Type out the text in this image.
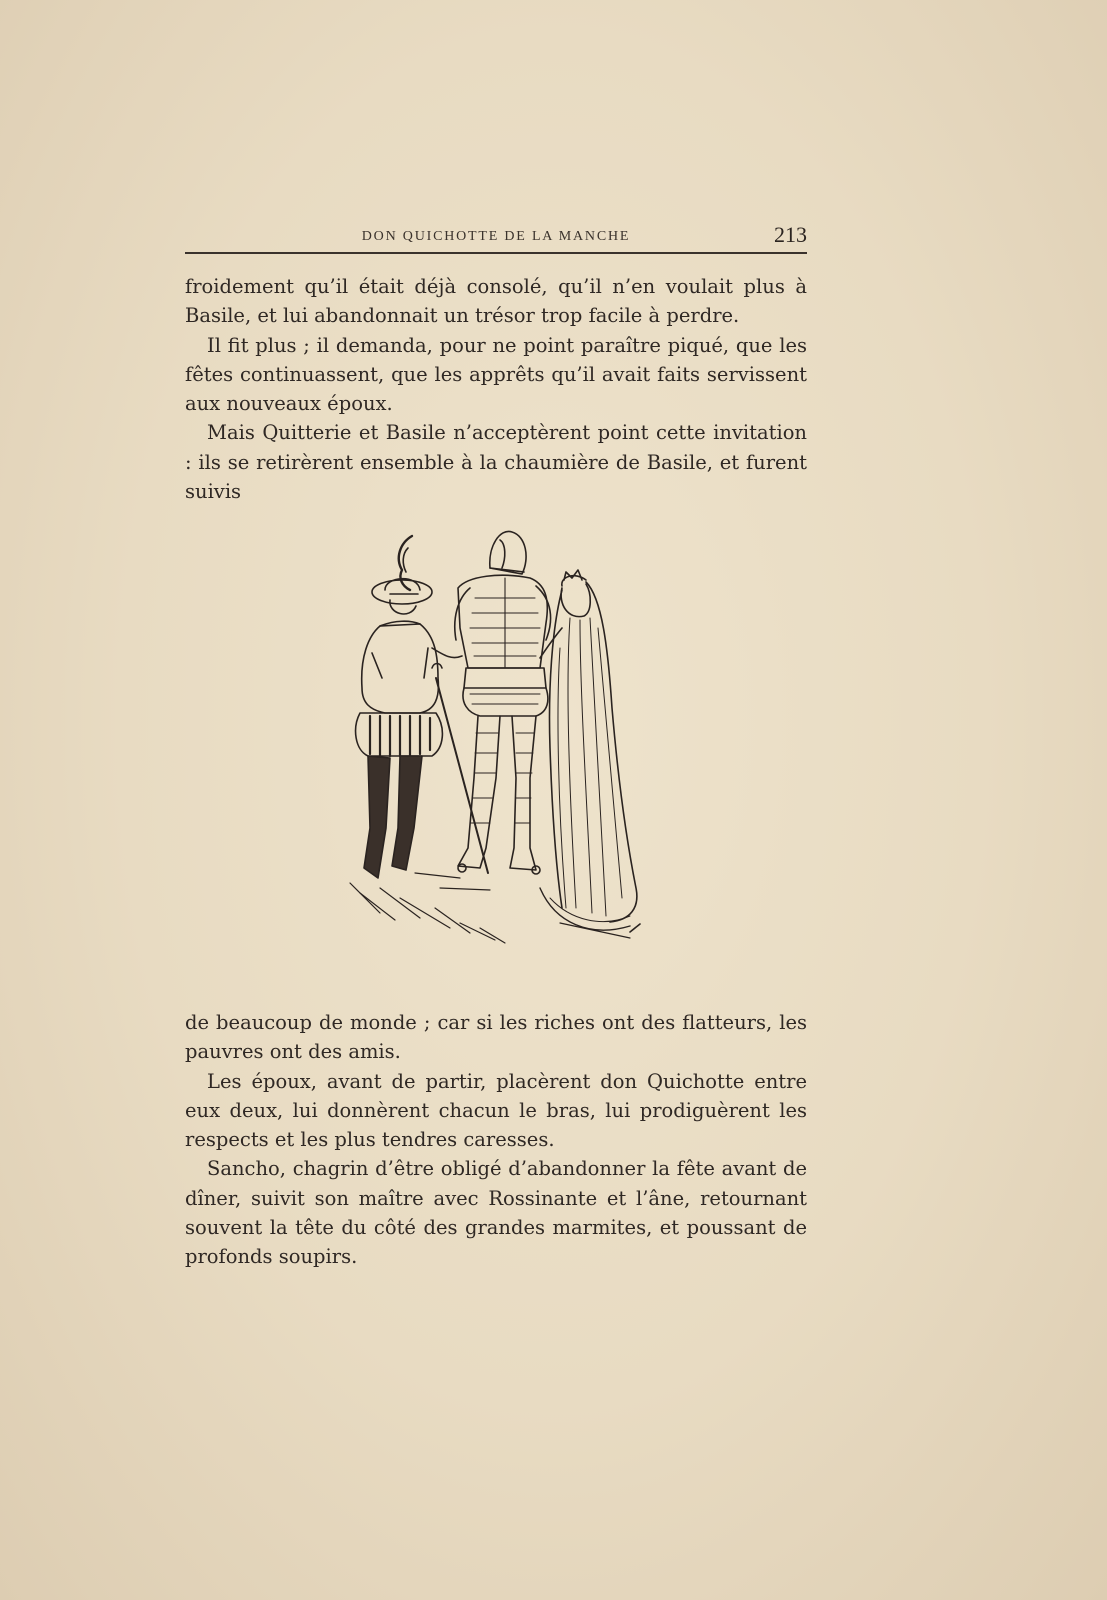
DON QUICHOTTE DE LA MANCHE	213

froidement qu’il était déjà consolé, qu’il n’en voulait plus à Basile, et lui abandonnait un trésor trop facile à perdre.

Il fit plus ; il demanda, pour ne point paraître piqué, que les fêtes continuassent, que les apprêts qu’il avait faits servissent aux nouveaux époux.

Mais Quitterie et Basile n’acceptèrent point cette invitation : ils se retirèrent ensemble à la chaumière de Basile, et furent suivis

de beaucoup de monde ; car si les riches ont des flatteurs, les pauvres ont des amis.

Les époux, avant de partir, placèrent don Quichotte entre eux deux, lui donnèrent chacun le bras, lui prodiguèrent les respects et les plus tendres caresses.

Sancho, chagrin d’être obligé d’abandonner la fête avant de dîner, suivit son maître avec Rossinante et l’âne, retournant souvent la tête du côté des grandes marmites, et poussant de profonds soupirs.
